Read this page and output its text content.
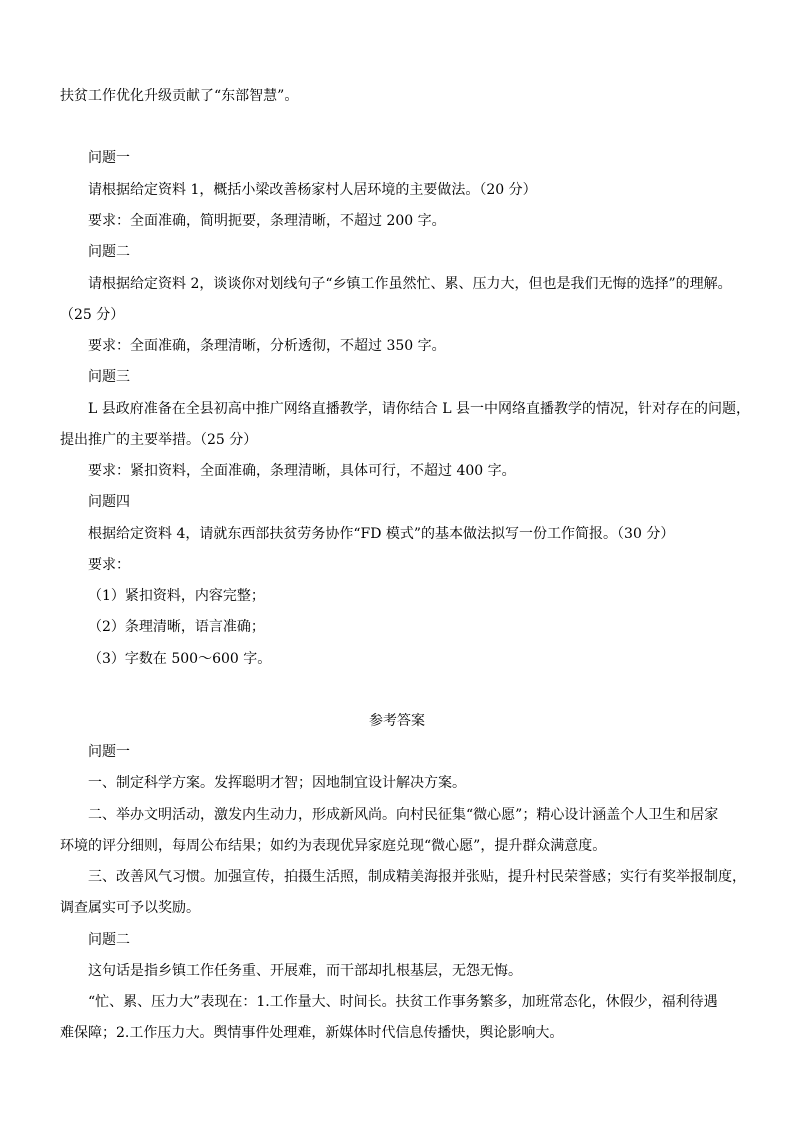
扶贫工作优化升级贡献了“东部智慧”。
问题一
请根据给定资料 1，概括小梁改善杨家村人居环境的主要做法。（20 分）
要求：全面准确，简明扼要，条理清晰，不超过 200 字。
问题二
请根据给定资料 2，谈谈你对划线句子“乡镇工作虽然忙、累、压力大，但也是我们无悔的选择”的理解。
（25 分）
要求：全面准确，条理清晰，分析透彻，不超过 350 字。
问题三
L 县政府准备在全县初高中推广网络直播教学，请你结合 L 县一中网络直播教学的情况，针对存在的问题，
提出推广的主要举措。（25 分）
要求：紧扣资料，全面准确，条理清晰，具体可行，不超过 400 字。
问题四
根据给定资料 4，请就东西部扶贫劳务协作“FD 模式”的基本做法拟写一份工作简报。（30 分）
要求：
（1）紧扣资料，内容完整；
（2）条理清晰，语言准确；
（3）字数在 500～600 字。
参考答案
问题一
一、制定科学方案。发挥聪明才智；因地制宜设计解决方案。
二、举办文明活动，激发内生动力，形成新风尚。向村民征集“微心愿”；精心设计涵盖个人卫生和居家
环境的评分细则，每周公布结果；如约为表现优异家庭兑现“微心愿”，提升群众满意度。
三、改善风气习惯。加强宣传，拍摄生活照，制成精美海报并张贴，提升村民荣誉感；实行有奖举报制度，
调查属实可予以奖励。
问题二
这句话是指乡镇工作任务重、开展难，而干部却扎根基层，无怨无悔。
“忙、累、压力大”表现在：1.工作量大、时间长。扶贫工作事务繁多，加班常态化，休假少，福利待遇
难保障；2.工作压力大。舆情事件处理难，新媒体时代信息传播快，舆论影响大。
